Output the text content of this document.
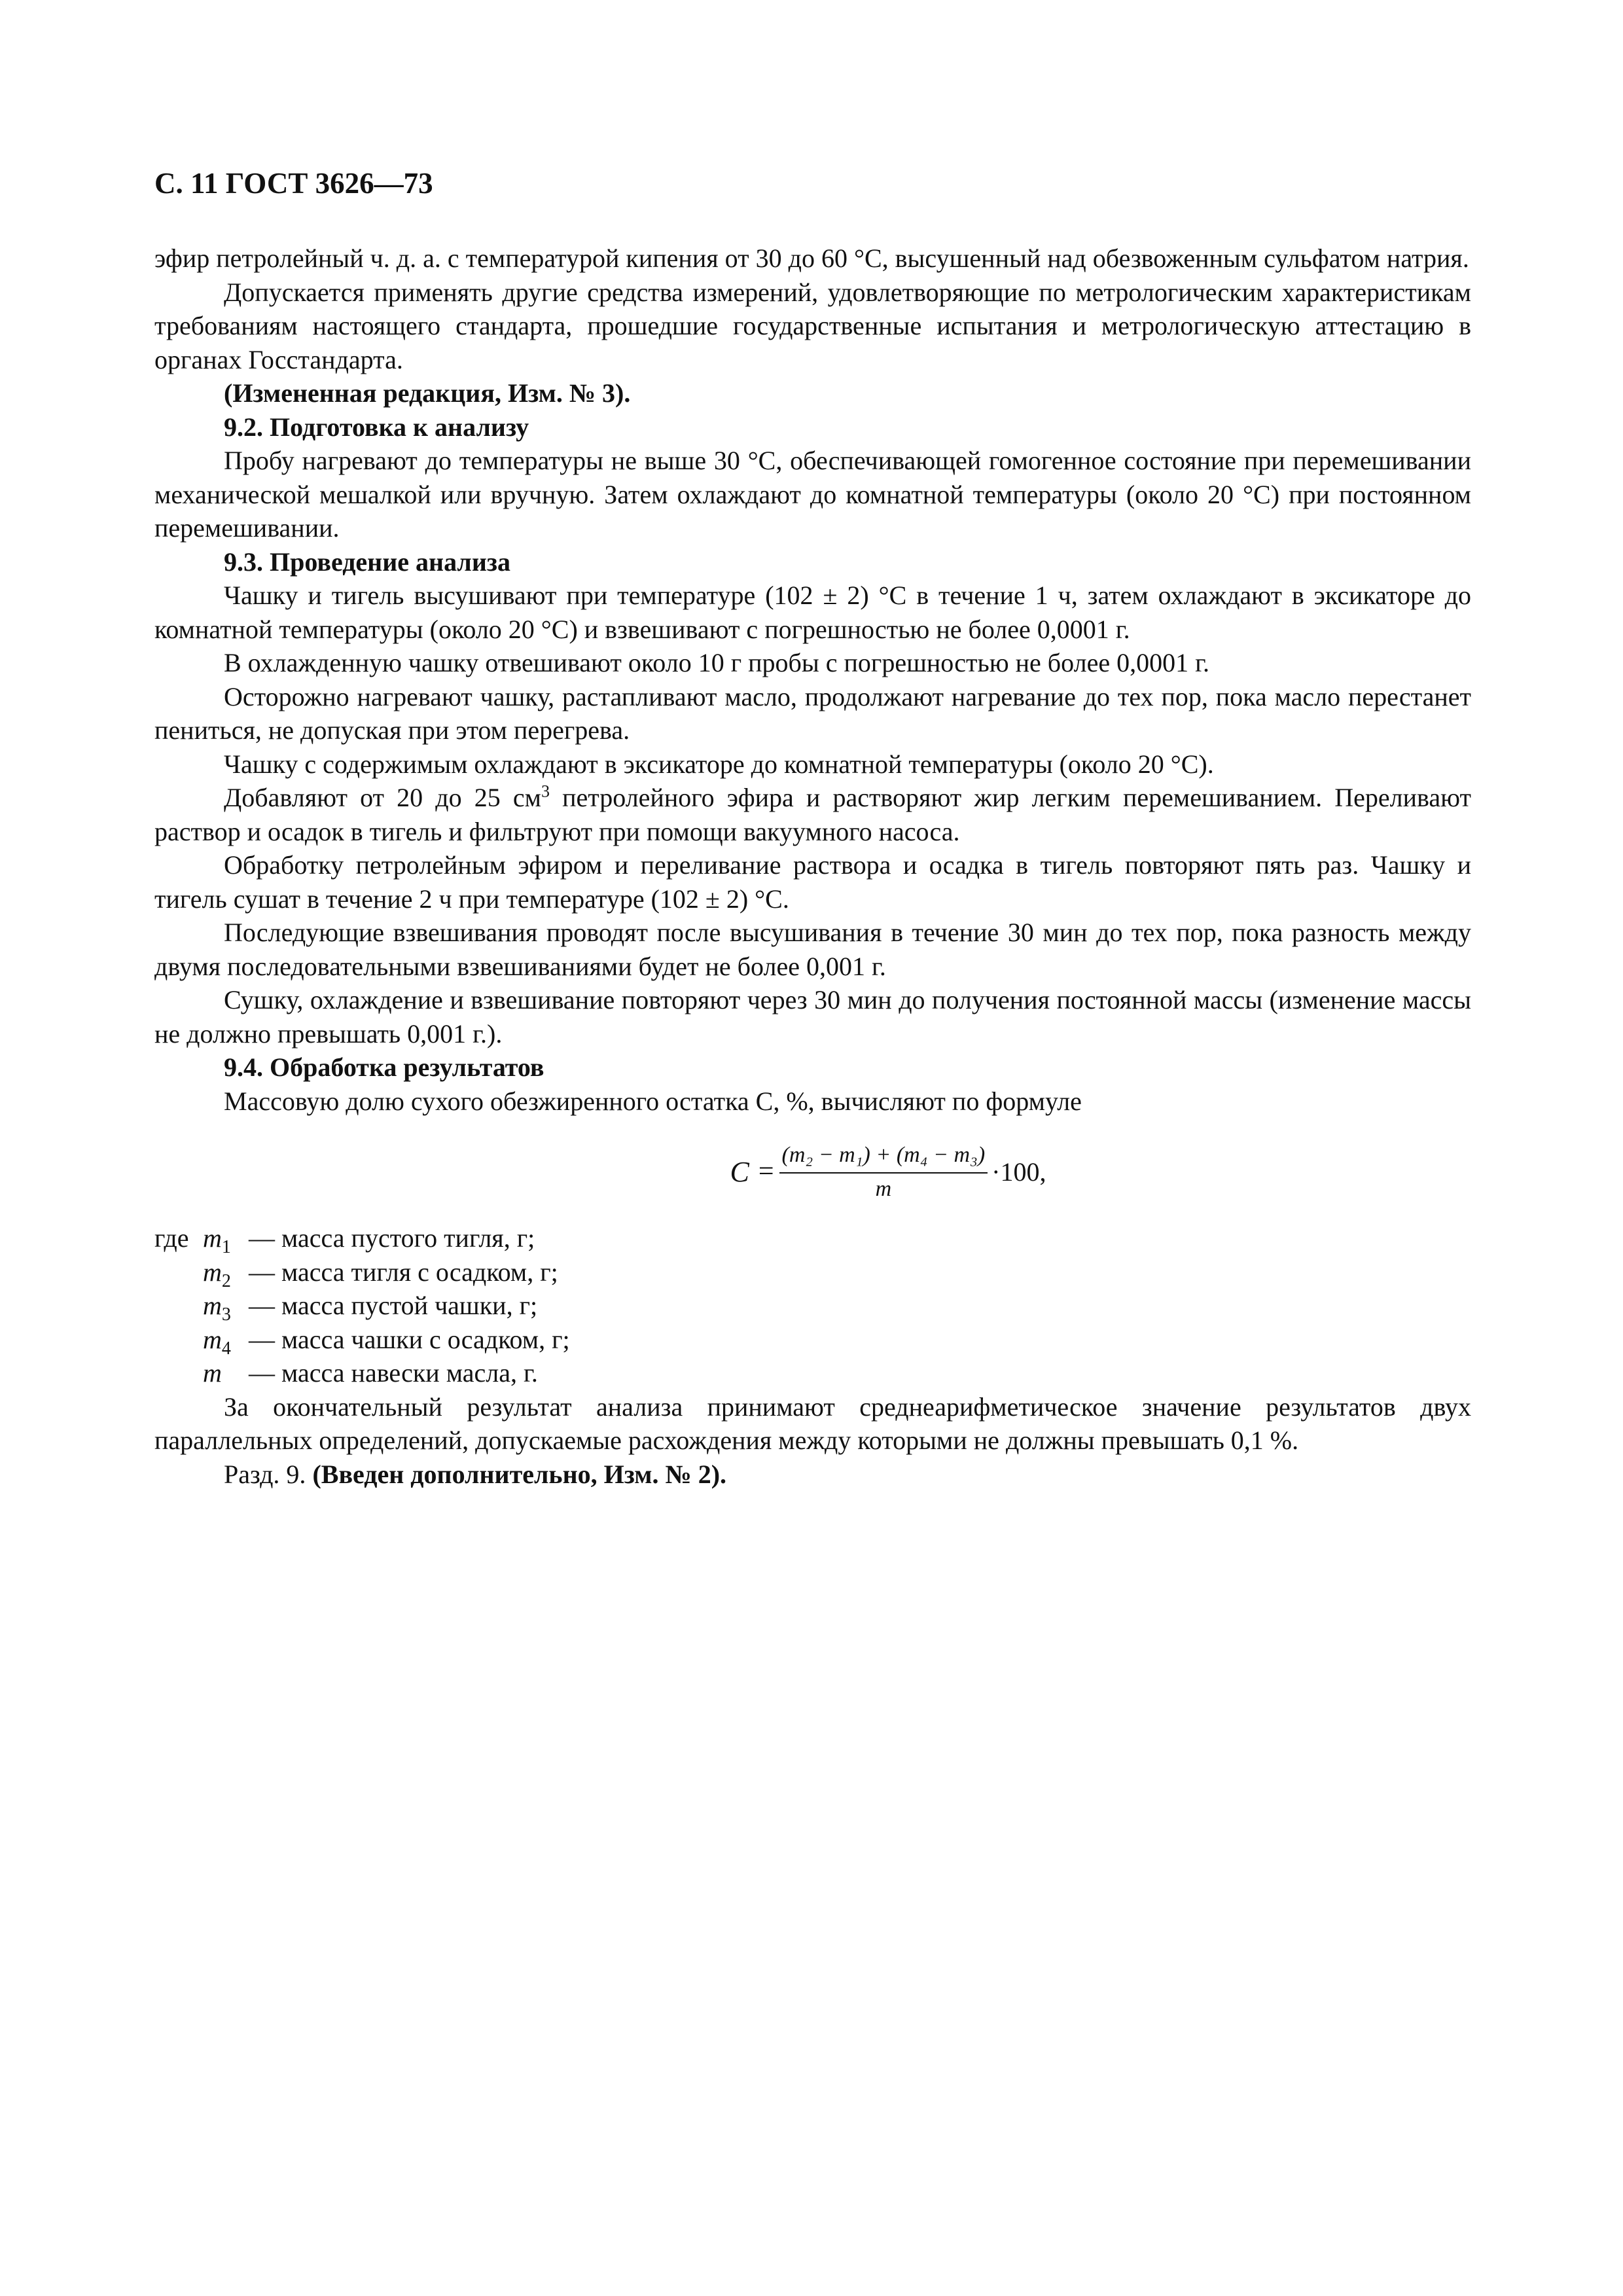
С. 11 ГОСТ 3626—73

эфир петролейный ч. д. а. с температурой кипения от 30 до 60 °С, высушенный над обезвоженным сульфатом натрия.

Допускается применять другие средства измерений, удовлетворяющие по метрологическим характеристикам требованиям настоящего стандарта, прошедшие государственные испытания и метрологическую аттестацию в органах Госстандарта.

(Измененная редакция, Изм. № 3).

9.2. Подготовка к анализу

Пробу нагревают до температуры не выше 30 °С, обеспечивающей гомогенное состояние при перемешивании механической мешалкой или вручную. Затем охлаждают до комнатной температуры (около 20 °С) при постоянном перемешивании.

9.3. Проведение анализа

Чашку и тигель высушивают при температуре (102 ± 2) °С в течение 1 ч, затем охлаждают в эксикаторе до комнатной температуры (около 20 °С) и взвешивают с погрешностью не более 0,0001 г.

В охлажденную чашку отвешивают около 10 г пробы с погрешностью не более 0,0001 г.

Осторожно нагревают чашку, растапливают масло, продолжают нагревание до тех пор, пока масло перестанет пениться, не допуская при этом перегрева.

Чашку с содержимым охлаждают в эксикаторе до комнатной температуры (около 20 °С).

Добавляют от 20 до 25 $см^3$ петролейного эфира и растворяют жир легким перемешиванием. Переливают раствор и осадок в тигель и фильтруют при помощи вакуумного насоса.

Обработку петролейным эфиром и переливание раствора и осадка в тигель повторяют пять раз. Чашку и тигель сушат в течение 2 ч при температуре (102 ± 2) °С.

Последующие взвешивания проводят после высушивания в течение 30 мин до тех пор, пока разность между двумя последовательными взвешиваниями будет не более 0,001 г.

Сушку, охлаждение и взвешивание повторяют через 30 мин до получения постоянной массы (изменение массы не должно превышать 0,001 г.).

9.4. Обработка результатов

Массовую долю сухого обезжиренного остатка С, %, вычисляют по формуле

$C = \frac{\text{(m₂ − m₁) + (m₄ − m₃)}}{m} \cdot 100$,
где $m_1$ — масса пустого тигля, г;
$m_2$ — масса тигля с осадком, г;
$m_3$ — масса пустой чашки, г;
$m_4$ — масса чашки с осадком, г;
m	— масса навески масла, г.

За окончательный результат анализа принимают среднеарифметическое значение результатов двух параллельных определений, допускаемые расхождения между которыми не должны превышать 0,1 %.

Разд. 9. (Введен дополнительно, Изм. № 2).
